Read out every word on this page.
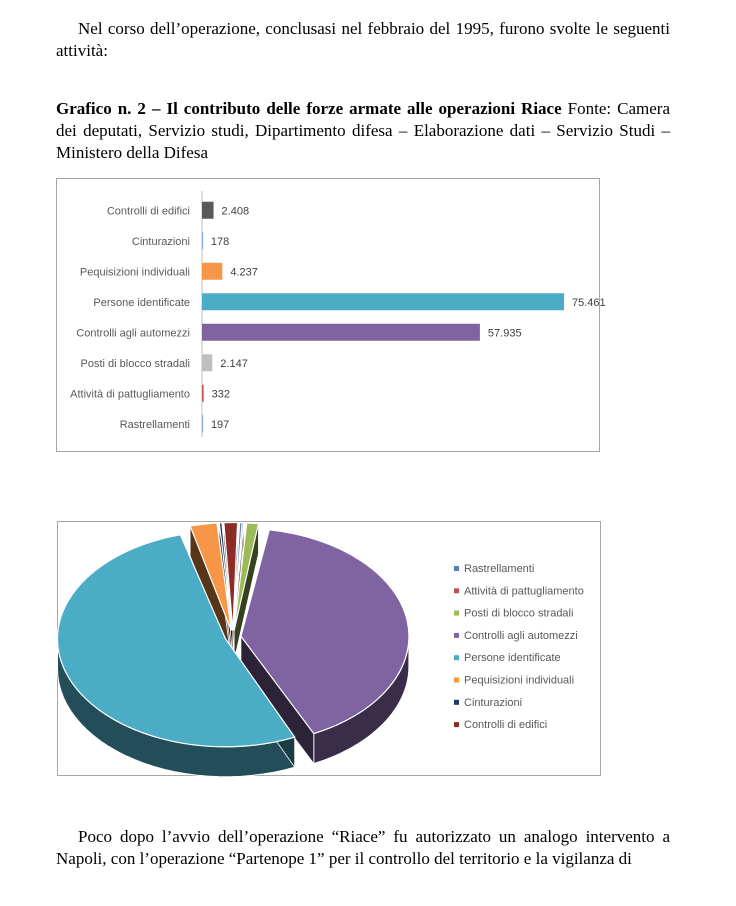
Nel corso dell’operazione, conclusasi nel febbraio del 1995, furono svolte le seguenti attività:
Grafico n. 2 – Il contributo delle forze armate alle operazioni Riace Fonte: Camera dei deputati, Servizio studi, Dipartimento difesa – Elaborazione dati – Servizio Studi – Ministero della Difesa
Controlli di edifici	2.408
Cinturazioni 178
Pequisizioni individuali	4.237
Persone identificate	75.461
Controlli agli automezzi	57.935
Posti di blocco stradali	2.147
Attività di pattugliamento 332
Rastrellamenti 197
Rastrellamenti
Attività di pattugliamento
Posti di blocco stradali
Controlli agli automezzi
Persone identificate
Pequisizioni individuali
Cinturazioni
Controlli di edifici
Poco dopo l’avvio dell’operazione “Riace” fu autorizzato un analogo intervento a Napoli, con l’operazione “Partenope 1” per il controllo del territorio e la vigilanza di
